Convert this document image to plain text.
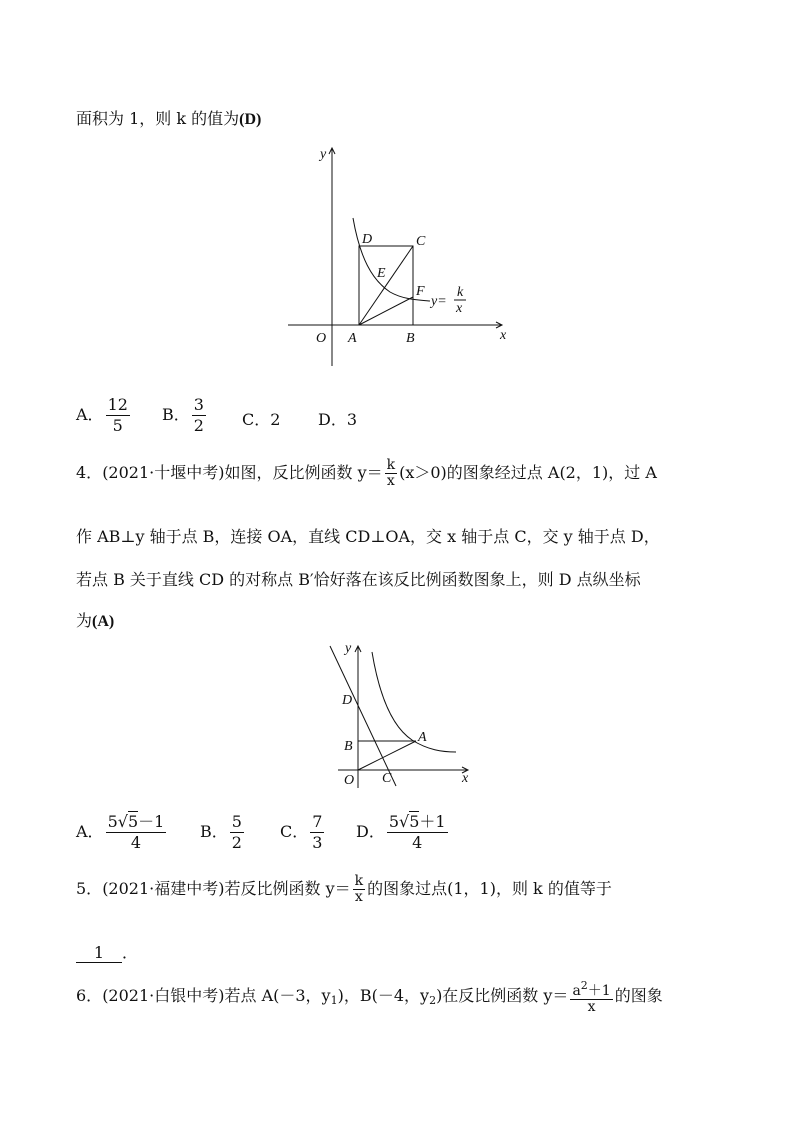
面积为 1，则 k 的值为(D)
y
x
O A	B
C
D
E
F
y=
k
x
A． $\frac{12}{5}$ B． $\frac{3}{2}$ C．2 D．3
4．(2021·十堰中考)如图，反比例函数 $y= \frac{k}{x} (x>0)$的图象经过点 A(2，1)，过 A
作 AB⊥y 轴于点 B，连接 OA，直线 CD⊥OA，交 x 轴于点 C，交 y 轴于点 D，
若点 B 关于直线 CD 的对称点 B′恰好落在该反比例函数图象上，则 D 点纵坐标
为(A)
y
x
O
D
B
A
C
A． $\frac{5√5-1}{4}$ B． $\frac{5}{2}$ C． $\frac{7}{3}$ D． $\frac{5√5+1}{4}$
5．(2021·福建中考)若反比例函数 $y= \frac{k}{x}$ 的图象过点(1，1)，则 k 的值等于
1 ．
6．(2021·白银中考)若点 A(－3，$y_1$)，B(－4，$y_2$)在反比例函数 $y= \frac{a^2+1}{x}$ 的图象
